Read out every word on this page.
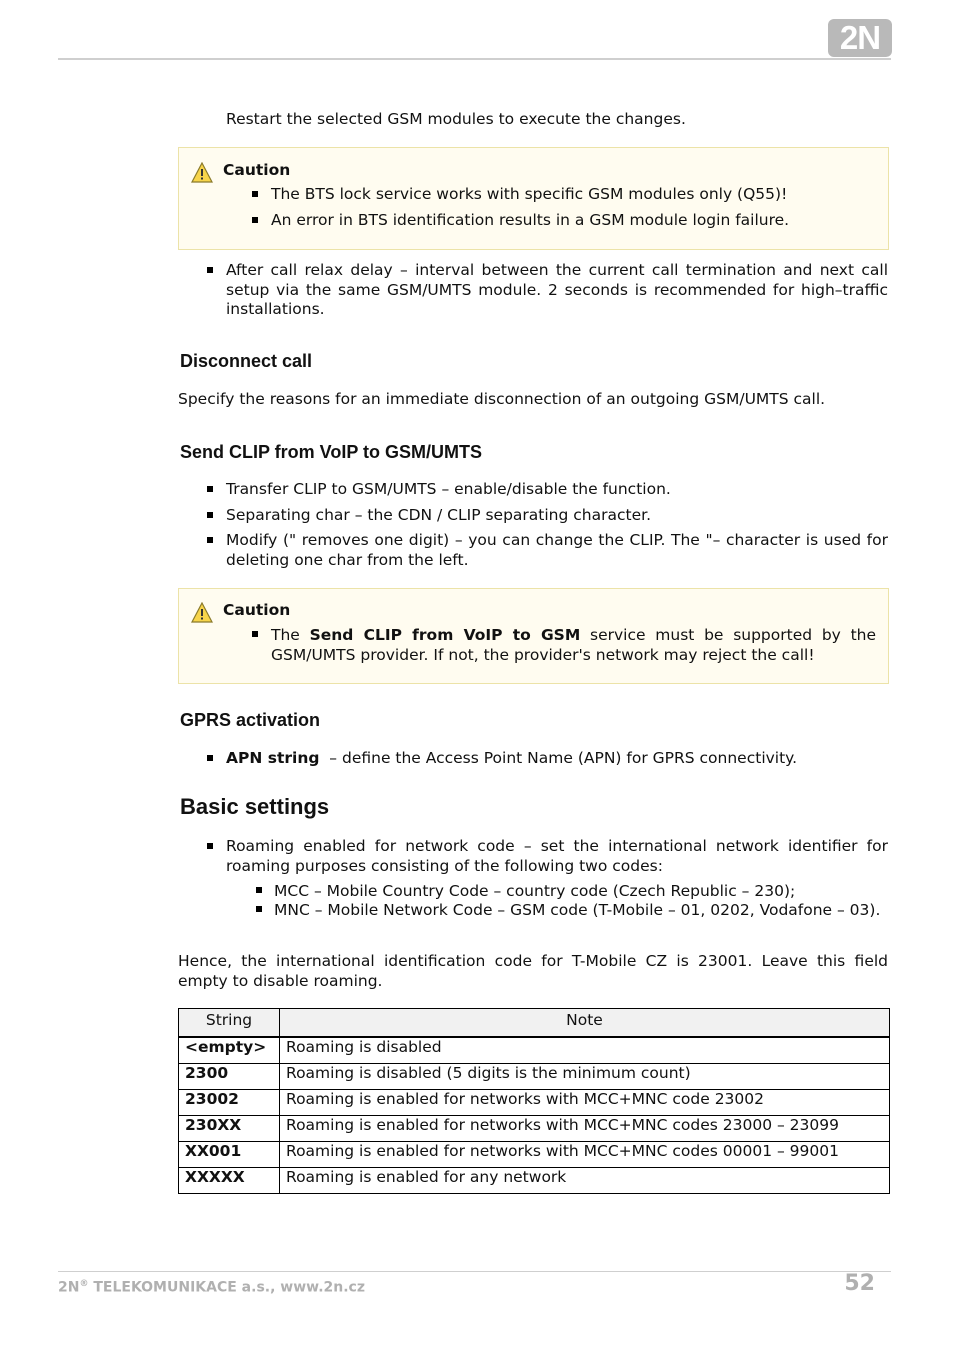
2N
Restart the selected GSM modules to execute the changes.
Caution
The BTS lock service works with specific GSM modules only (Q55)!
An error in BTS identification results in a GSM module login failure.
After call relax delay – interval between the current call termination and next call setup via the same GSM/UMTS module. 2 seconds is recommended for high–traffic installations.
Disconnect call
Specify the reasons for an immediate disconnection of an outgoing GSM/UMTS call.
Send CLIP from VoIP to GSM/UMTS
Transfer CLIP to GSM/UMTS – enable/disable the function.
Separating char – the CDN / CLIP separating character.
Modify (" removes one digit) – you can change the CLIP. The "– character is used for deleting one char from the left.
Caution
The Send CLIP from VoIP to GSM service must be supported by the GSM/UMTS provider. If not, the provider's network may reject the call!
GPRS activation
APN string  – define the Access Point Name (APN) for GPRS connectivity.
Basic settings
Roaming enabled for network code – set the international network identifier for roaming purposes consisting of the following two codes:
MCC – Mobile Country Code – country code (Czech Republic – 230);
MNC – Mobile Network Code – GSM code (T-Mobile – 01, 0202, Vodafone – 03).
Hence, the international identification code for T-Mobile CZ is 23001. Leave this field empty to disable roaming.
String	Note
<empty>	Roaming is disabled
2300	Roaming is disabled (5 digits is the minimum count)
23002	Roaming is enabled for networks with MCC+MNC code 23002
230XX	Roaming is enabled for networks with MCC+MNC codes 23000 – 23099
XX001	Roaming is enabled for networks with MCC+MNC codes 00001 – 99001
XXXXX	Roaming is enabled for any network
2N® TELEKOMUNIKACE a.s., www.2n.cz	52
